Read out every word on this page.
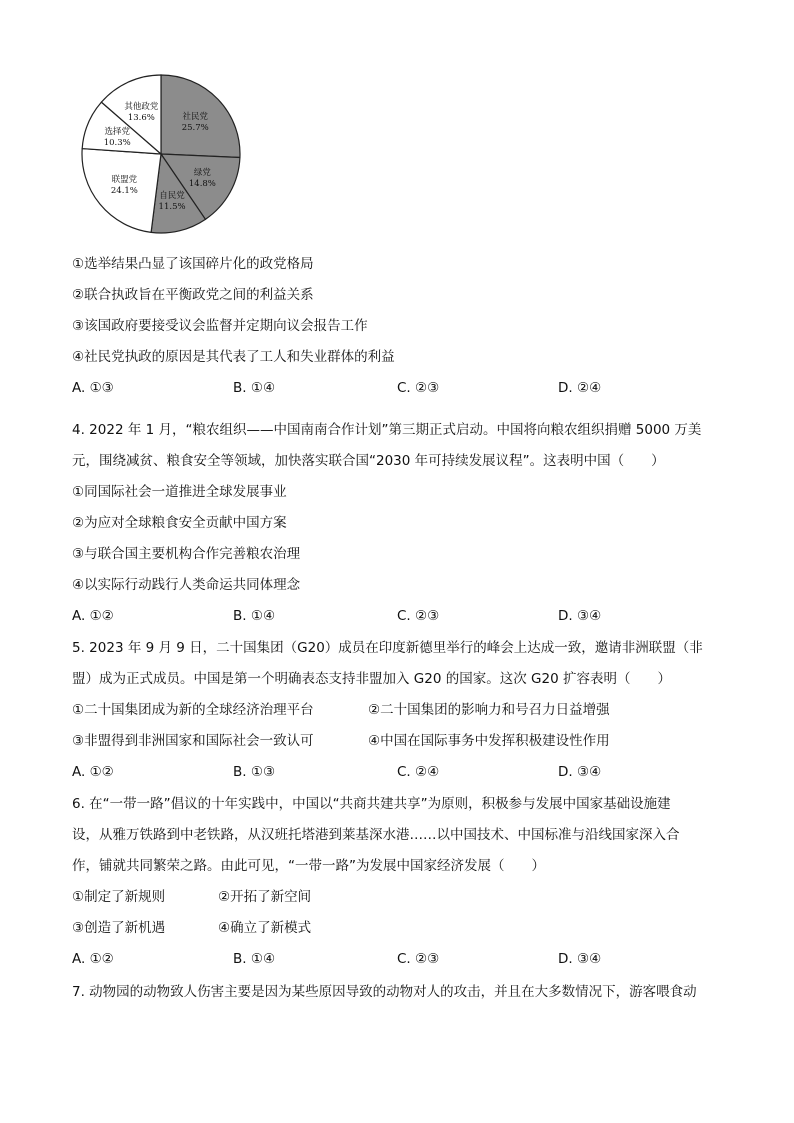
社民党
25.7%
绿党
14.8%
自民党
11.5%
联盟党
24.1%
选择党
10.3%
其他政党
13.6%
①选举结果凸显了该国碎片化的政党格局
②联合执政旨在平衡政党之间的利益关系
③该国政府要接受议会监督并定期向议会报告工作
④社民党执政的原因是其代表了工人和失业群体的利益
A. ①③	B. ①④	C. ②③	D. ②④
4. 2022 年 1 月，“粮农组织——中国南南合作计划”第三期正式启动。中国将向粮农组织捐赠 5000 万美
元，围绕减贫、粮食安全等领域，加快落实联合国“2030 年可持续发展议程”。这表明中国（　　）
①同国际社会一道推进全球发展事业
②为应对全球粮食安全贡献中国方案
③与联合国主要机构合作完善粮农治理
④以实际行动践行人类命运共同体理念
A. ①②	B. ①④	C. ②③	D. ③④
5. 2023 年 9 月 9 日，二十国集团（G20）成员在印度新德里举行的峰会上达成一致，邀请非洲联盟（非
盟）成为正式成员。中国是第一个明确表态支持非盟加入 G20 的国家。这次 G20 扩容表明（　　）
①二十国集团成为新的全球经济治理平台	②二十国集团的影响力和号召力日益增强
③非盟得到非洲国家和国际社会一致认可	④中国在国际事务中发挥积极建设性作用
A. ①②	B. ①③	C. ②④	D. ③④
6. 在“一带一路”倡议的十年实践中，中国以“共商共建共享”为原则，积极参与发展中国家基础设施建
设，从雅万铁路到中老铁路，从汉班托塔港到莱基深水港……以中国技术、中国标准与沿线国家深入合
作，铺就共同繁荣之路。由此可见，“一带一路”为发展中国家经济发展（　　）
①制定了新规则	②开拓了新空间
③创造了新机遇	④确立了新模式
A. ①②	B. ①④	C. ②③	D. ③④
7. 动物园的动物致人伤害主要是因为某些原因导致的动物对人的攻击，并且在大多数情况下，游客喂食动
